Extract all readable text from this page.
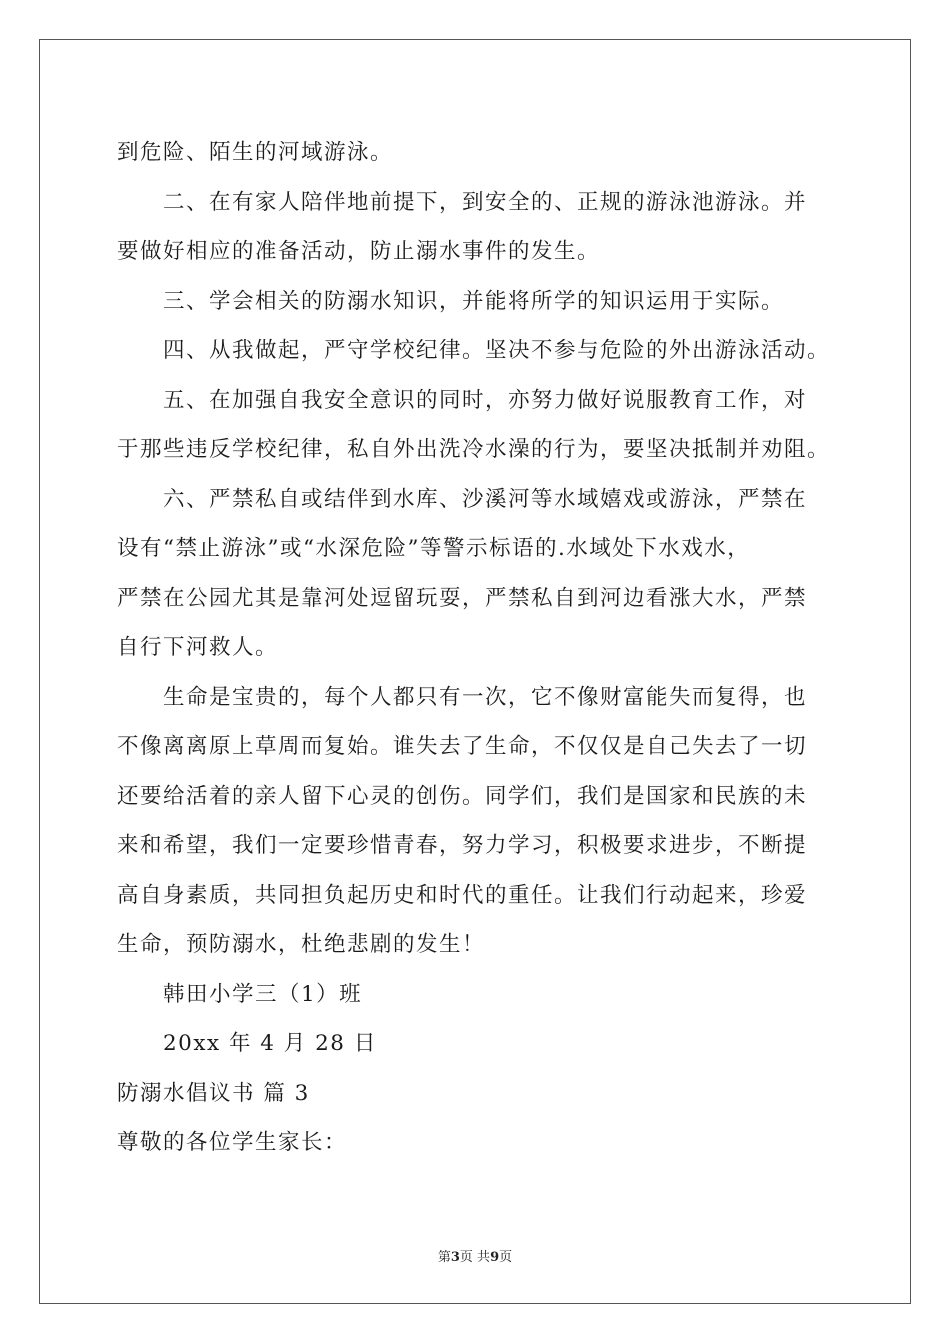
到危险、陌生的河域游泳。
二、在有家人陪伴地前提下，到安全的、正规的游泳池游泳。并
要做好相应的准备活动，防止溺水事件的发生。
三、学会相关的防溺水知识，并能将所学的知识运用于实际。
四、从我做起，严守学校纪律。坚决不参与危险的外出游泳活动。
五、在加强自我安全意识的同时，亦努力做好说服教育工作，对
于那些违反学校纪律，私自外出洗冷水澡的行为，要坚决抵制并劝阻。
六、严禁私自或结伴到水库、沙溪河等水域嬉戏或游泳，严禁在
设有“禁止游泳”或“水深危险”等警示标语的.水域处下水戏水，
严禁在公园尤其是靠河处逗留玩耍，严禁私自到河边看涨大水，严禁
自行下河救人。
生命是宝贵的，每个人都只有一次，它不像财富能失而复得，也
不像离离原上草周而复始。谁失去了生命，不仅仅是自己失去了一切
还要给活着的亲人留下心灵的创伤。同学们，我们是国家和民族的未
来和希望，我们一定要珍惜青春，努力学习，积极要求进步，不断提
高自身素质，共同担负起历史和时代的重任。让我们行动起来，珍爱
生命，预防溺水，杜绝悲剧的发生！
韩田小学三（1）班
20xx 年 4 月 28 日
防溺水倡议书 篇 3
尊敬的各位学生家长：
第3页 共9页
